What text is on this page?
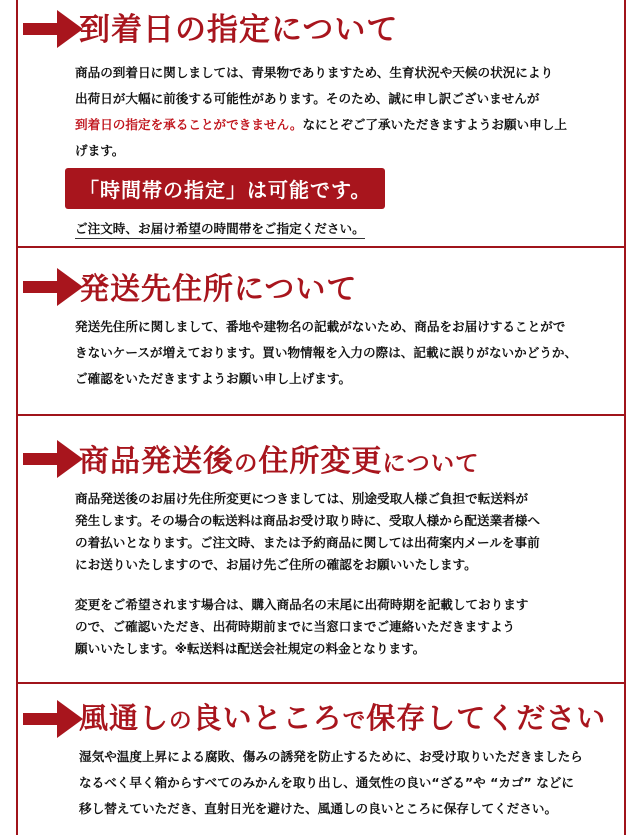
到着日の指定について

商品の到着日に関しましては、青果物でありますため、生育状況や天候の状況により

出荷日が大幅に前後する可能性があります。そのため、誠に申し訳ございませんが

到着日の指定を承ることができません。なにとぞご了承いただきますようお願い申し上

げます。

「時間帯の指定」は可能です。
ご注文時、お届け希望の時間帯をご指定ください。
発送先住所について

発送先住所に関しまして、番地や建物名の記載がないため、商品をお届けすることがで

きないケースが増えております。買い物情報を入力の際は、記載に誤りがないかどうか、

ご確認をいただきますようお願い申し上げます。

商品発送後の住所変更について

商品発送後のお届け先住所変更につきましては、別途受取人様ご負担で転送料が

発生します。その場合の転送料は商品お受け取り時に、受取人様から配送業者様へ

の着払いとなります。ご注文時、または予約商品に関しては出荷案内メールを事前

にお送りいたしますので、お届け先ご住所の確認をお願いいたします。

変更をご希望されます場合は、購入商品名の末尾に出荷時期を記載しております

ので、ご確認いただき、出荷時期前までに当窓口までご連絡いただきますよう

願いいたします。※転送料は配送会社規定の料金となります。

風通しの良いところで保存してください

湿気や温度上昇による腐敗、傷みの誘発を防止するために、お受け取りいただきましたら

なるべく早く箱からすべてのみかんを取り出し、通気性の良い“ざる”や “カゴ” などに

移し替えていただき、直射日光を避けた、風通しの良いところに保存してください。
